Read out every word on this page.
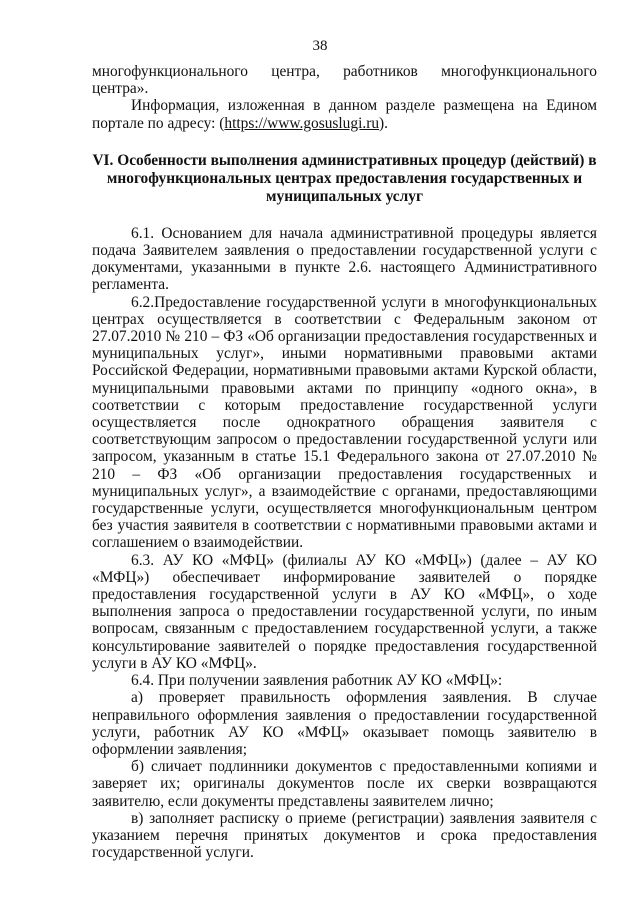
38

многофункционального центра, работников многофункционального центра».

Информация, изложенная в данном разделе размещена на Едином портале по адресу: (https://www.gosuslugi.ru).

VI. Особенности выполнения административных процедур (действий) в многофункциональных центрах предоставления государственных и муниципальных услуг

6.1. Основанием для начала административной процедуры является подача Заявителем заявления о предоставлении государственной услуги с документами, указанными в пункте 2.6. настоящего Административного регламента.

6.2.Предоставление государственной услуги в многофункциональных центрах осуществляется в соответствии с Федеральным законом от 27.07.2010 № 210 – ФЗ «Об организации предоставления государственных и муниципальных услуг», иными нормативными правовыми актами Российской Федерации, нормативными правовыми актами Курской области, муниципальными правовыми актами по принципу «одного окна», в соответствии с которым предоставление государственной услуги осуществляется после однократного обращения заявителя с соответствующим запросом о предоставлении государственной услуги или запросом, указанным в статье 15.1 Федерального закона от 27.07.2010 № 210 – ФЗ «Об организации предоставления государственных и муниципальных услуг», а взаимодействие с органами, предоставляющими государственные услуги, осуществляется многофункциональным центром без участия заявителя в соответствии с нормативными правовыми актами и соглашением о взаимодействии.

6.3. АУ КО «МФЦ» (филиалы АУ КО «МФЦ») (далее – АУ КО «МФЦ») обеспечивает информирование заявителей о порядке предоставления государственной услуги в АУ КО «МФЦ», о ходе выполнения запроса о предоставлении государственной услуги, по иным вопросам, связанным с предоставлением государственной услуги, а также консультирование заявителей о порядке предоставления государственной услуги в АУ КО «МФЦ».

6.4. При получении заявления работник АУ КО «МФЦ»:

а) проверяет правильность оформления заявления. В случае неправильного оформления заявления о предоставлении государственной услуги, работник АУ КО «МФЦ» оказывает помощь заявителю в оформлении заявления;

б) сличает подлинники документов с предоставленными копиями и заверяет их; оригиналы документов после их сверки возвращаются заявителю, если документы представлены заявителем лично;

в) заполняет расписку о приеме (регистрации) заявления заявителя с указанием перечня принятых документов и срока предоставления государственной услуги.
